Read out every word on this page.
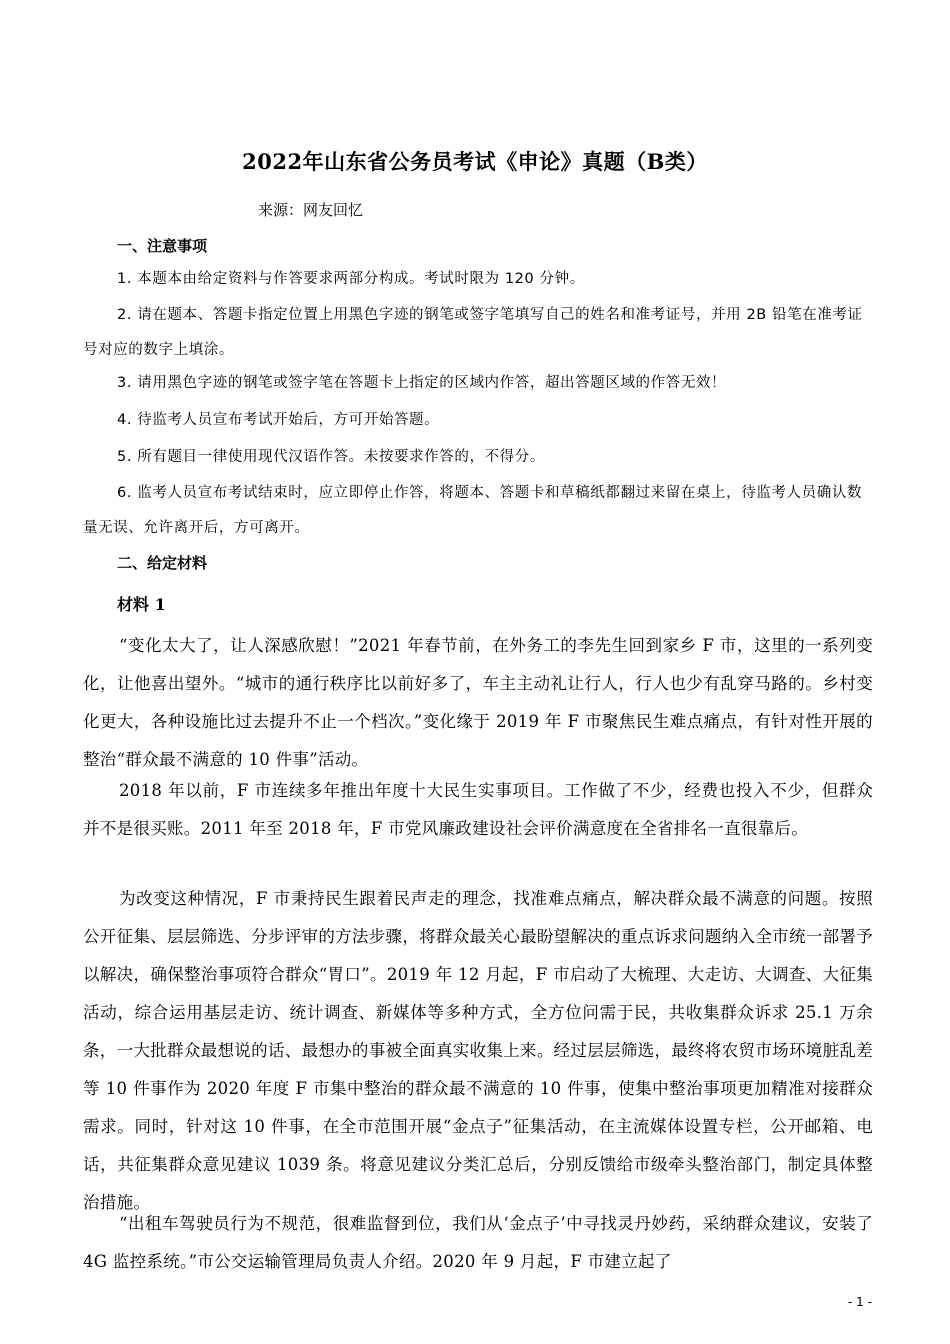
2022年山东省公务员考试《申论》真题（B类）
来源：网友回忆
一、注意事项
1. 本题本由给定资料与作答要求两部分构成。考试时限为 120 分钟。
2. 请在题本、答题卡指定位置上用黑色字迹的钢笔或签字笔填写自己的姓名和准考证号，并用 2B 铅笔在准考证号对应的数字上填涂。
3. 请用黑色字迹的钢笔或签字笔在答题卡上指定的区域内作答，超出答题区域的作答无效！
4. 待监考人员宣布考试开始后，方可开始答题。
5. 所有题目一律使用现代汉语作答。未按要求作答的，不得分。
6. 监考人员宣布考试结束时，应立即停止作答，将题本、答题卡和草稿纸都翻过来留在桌上，待监考人员确认数量无误、允许离开后，方可离开。
二、给定材料
材料 1
“变化太大了，让人深感欣慰！”2021 年春节前，在外务工的李先生回到家乡 F 市，这里的一系列变化，让他喜出望外。“城市的通行秩序比以前好多了，车主主动礼让行人，行人也少有乱穿马路的。乡村变化更大，各种设施比过去提升不止一个档次。”变化缘于 2019 年 F 市聚焦民生难点痛点，有针对性开展的整治“群众最不满意的 10 件事”活动。
2018 年以前，F 市连续多年推出年度十大民生实事项目。工作做了不少，经费也投入不少，但群众并不是很买账。2011 年至 2018 年，F 市党风廉政建设社会评价满意度在全省排名一直很靠后。
为改变这种情况，F 市秉持民生跟着民声走的理念，找准难点痛点，解决群众最不满意的问题。按照公开征集、层层筛选、分步评审的方法步骤，将群众最关心最盼望解决的重点诉求问题纳入全市统一部署予以解决，确保整治事项符合群众“胃口”。2019 年 12 月起，F 市启动了大梳理、大走访、大调查、大征集活动，综合运用基层走访、统计调查、新媒体等多种方式，全方位问需于民，共收集群众诉求 25.1 万余条，一大批群众最想说的话、最想办的事被全面真实收集上来。经过层层筛选，最终将农贸市场环境脏乱差等 10 件事作为 2020 年度 F 市集中整治的群众最不满意的 10 件事，使集中整治事项更加精准对接群众需求。同时，针对这 10 件事，在全市范围开展“金点子”征集活动，在主流媒体设置专栏，公开邮箱、电话，共征集群众意见建议 1039 条。将意见建议分类汇总后，分别反馈给市级牵头整治部门，制定具体整治措施。
“出租车驾驶员行为不规范，很难监督到位，我们从‘金点子’中寻找灵丹妙药，采纳群众建议，安装了 4G 监控系统。”市公交运输管理局负责人介绍。2020 年 9 月起，F 市建立起了
- 1 -
